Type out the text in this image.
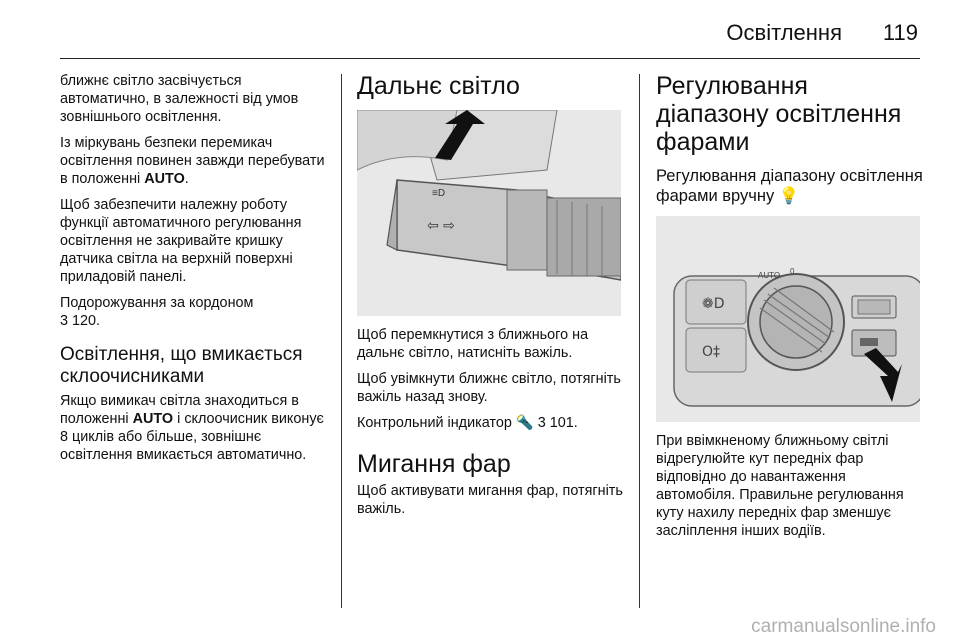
Освітлення 119

ближнє світло засвічується автоматично, в залежності від умов зовнішнього освітлення.

Із міркувань безпеки перемикач освітлення повинен завжди перебувати в положенні AUTO.

Щоб забезпечити належну роботу функції автоматичного регулювання освітлення не закривайте кришку датчика світла на верхній поверхні приладовій панелі.

Подорожування за кордоном
3 120.

Освітлення, що вмикається склоочисниками

Якщо вимикач світла знаходиться в положенні AUTO і склоочисник виконує 8 циклів або більше, зовнішнє освітлення вмикається автоматично.

Дальнє світло
≡D
⇦ ⇨

Щоб перемкнутися з ближнього на дальнє світло, натисніть важіль.

Щоб увімкнути ближнє світло, потягніть важіль назад знову.

Контрольний індикатор 🔦 3 101.

Мигання фар

Щоб активувати мигання фар, потягніть важіль.

Регулювання діапазону освітлення фарами
Регулювання діапазону освітлення фарами вручну 💡
❁D
O‡
AUTO 0

При ввімкненому ближньому світлі відрегулюйте кут передніх фар відповідно до навантаження автомобіля. Правильне регулювання куту нахилу передніх фар зменшує засліплення інших водіїв.

carmanualsonline.info
